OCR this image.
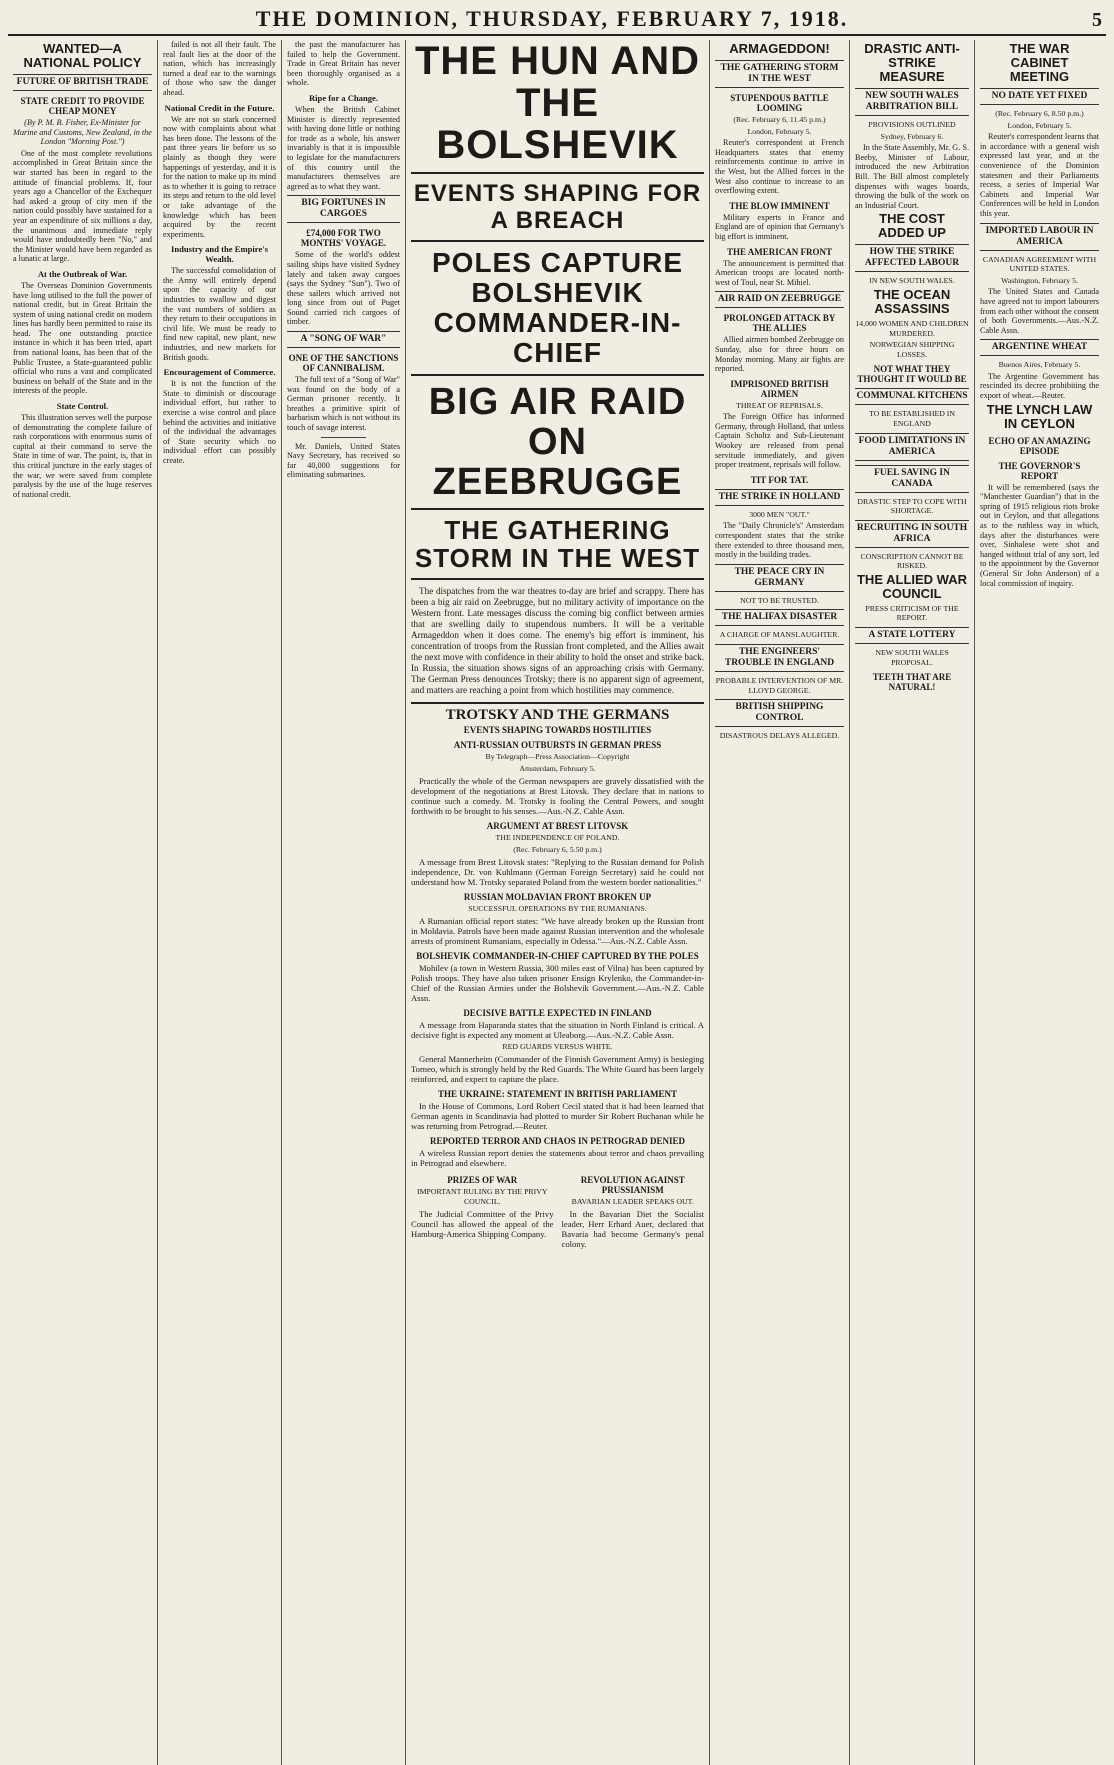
THE DOMINION, THURSDAY, FEBRUARY 7, 1918.	5
WANTED—A NATIONAL POLICY
FUTURE OF BRITISH TRADE
STATE CREDIT TO PROVIDE CHEAP MONEY

(By P. M. B. Fisher, Ex-Minister for Marine and Customs, New Zealand, in the London "Morning Post.")

One of the most complete revolutions accomplished in Great Britain since the war started has been in regard to the attitude of financial problems. If, four years ago a Chancellor of the Exchequer had asked a group of city men if the nation could possibly have sustained for a year an expenditure of six millions a day, the unanimous and immediate reply would have undoubtedly been "No," and the Minister would have been regarded as a lunatic at large.

At the Outbreak of War.

The Overseas Dominion Governments have long utilised to the full the power of national credit, but in Great Britain the system of using national credit on modern lines has hardly been permitted to raise its head. The one outstanding practice instance in which it has been tried, apart from national loans, has been that of the Public Trustee, a State-guaranteed public official who runs a vast and complicated business on behalf of the State and in the interests of the people.

State Control.

This illustration serves well the purpose of demonstrating the complete failure of rash corporations with enormous sums of capital at their command to serve the State in time of war. The point, is, that in this critical juncture in the early stages of the war, we were saved from complete paralysis by the use of the huge reserves of national credit.

failed is not all their fault. The real fault lies at the door of the nation, which has increasingly turned a deaf ear to the warnings of those who saw the danger ahead.

National Credit in the Future.

We are not so stark concerned now with complaints about what has been done. The lessons of the past three years lie before us so plainly as though they were happenings of yesterday, and it is for the nation to make up its mind as to whether it is going to retrace its steps and return to the old level or take advantage of the knowledge which has been acquired by the recent experiments.

Industry and the Empire's Wealth.

The successful consolidation of the Army will entirely depend upon the capacity of our industries to swallow and digest the vast numbers of soldiers as they return to their occupations in civil life. We must be ready to find new capital, new plant, new industries, and new markets for British goods.

Encouragement of Commerce.

It is not the function of the State to diminish or discourage individual effort, but rather to exercise a wise control and place behind the activities and initiative of the individual the advantages of State security which no individual effort can possibly create.

the past the manufacturer has failed to help the Government. Trade in Great Britain has never been thoroughly organised as a whole.

Ripe for a Change.

When the British Cabinet Minister is directly represented with having done little or nothing for trade as a whole, his answer invariably is that it is impossible to legislate for the manufacturers of this country until the manufacturers themselves are agreed as to what they want.

BIG FORTUNES IN CARGOES
£74,000 FOR TWO MONTHS' VOYAGE.

Some of the world's oddest sailing ships have visited Sydney lately and taken away cargoes (says the Sydney "Sun"). Two of these sailers which arrived not long since from out of Puget Sound carried rich cargoes of timber.

A "SONG OF WAR"
ONE OF THE SANCTIONS OF CANNIBALISM.

The full text of a "Song of War" was found on the body of a German prisoner recently. It breathes a primitive spirit of barbarism which is not without its touch of savage interest.

Mr. Daniels, United States Navy Secretary, has received so far 40,000 suggestions for eliminating submarines.

THE HUN AND THE BOLSHEVIK
EVENTS SHAPING FOR A BREACH
POLES CAPTURE BOLSHEVIK COMMANDER-IN-CHIEF
BIG AIR RAID ON ZEEBRUGGE
THE GATHERING STORM IN THE WEST

The dispatches from the war theatres to-day are brief and scrappy. There has been a big air raid on Zeebrugge, but no military activity of importance on the Western front. Late messages discuss the coming big conflict between armies that are swelling daily to stupendous numbers. It will be a veritable Armageddon when it does come. The enemy's big effort is imminent, his concentration of troops from the Russian front completed, and the Allies await the next move with confidence in their ability to hold the onset and strike back. In Russia, the situation shows signs of an approaching crisis with Germany. The German Press denounces Trotsky; there is no apparent sign of agreement, and matters are reaching a point from which hostilities may commence.

TROTSKY AND THE GERMANS
EVENTS SHAPING TOWARDS HOSTILITIES
ANTI-RUSSIAN OUTBURSTS IN GERMAN PRESS
By Telegraph—Press Association—Copyright
Amsterdam, February 5.

Practically the whole of the German newspapers are gravely dissatisfied with the development of the negotiations at Brest Litovsk. They declare that in nations to continue such a comedy. M. Trotsky is fooling the Central Powers, and sought forthwith to be brought to his senses.—Aus.-N.Z. Cable Assn.

ARGUMENT AT BREST LITOVSK
THE INDEPENDENCE OF POLAND.
(Rec. February 6, 5.50 p.m.)

A message from Brest Litovsk states: "Replying to the Russian demand for Polish independence, Dr. von Kuhlmann (German Foreign Secretary) said he could not understand how M. Trotsky separated Poland from the western border nationalities."

RUSSIAN MOLDAVIAN FRONT BROKEN UP
SUCCESSFUL OPERATIONS BY THE RUMANIANS.

A Rumanian official report states: "We have already broken up the Russian front in Moldavia. Patrols have been made against Russian intervention and the wholesale arrests of prominent Rumanians, especially in Odessa."—Aus.-N.Z. Cable Assn.

BOLSHEVIK COMMANDER-IN-CHIEF CAPTURED BY THE POLES

Mohilev (a town in Western Russia, 300 miles east of Vilna) has been captured by Polish troops. They have also taken prisoner Ensign Krylenko, the Commander-in-Chief of the Russian Armies under the Bolshevik Government.—Aus.-N.Z. Cable Assn.

DECISIVE BATTLE EXPECTED IN FINLAND

A message from Haparanda states that the situation in North Finland is critical. A decisive fight is expected any moment at Uleaborg.—Aus.-N.Z. Cable Assn.

RED GUARDS VERSUS WHITE.

General Mannerheim (Commander of the Finnish Government Army) is besieging Torneo, which is strongly held by the Red Guards. The White Guard has been largely reinforced, and expect to capture the place.

THE UKRAINE: STATEMENT IN BRITISH PARLIAMENT

In the House of Commons, Lord Robert Cecil stated that it had been learned that German agents in Scandinavia had plotted to murder Sir Robert Buchanan while he was returning from Petrograd.—Reuter.

REPORTED TERROR AND CHAOS IN PETROGRAD DENIED

A wireless Russian report denies the statements about terror and chaos prevailing in Petrograd and elsewhere.

PRIZES OF WAR
IMPORTANT RULING BY THE PRIVY COUNCIL.

The Judicial Committee of the Privy Council has allowed the appeal of the Hamburg-America Shipping Company.

REVOLUTION AGAINST PRUSSIANISM
BAVARIAN LEADER SPEAKS OUT.

In the Bavarian Diet the Socialist leader, Herr Erhard Auer, declared that Bavaria had become Germany's penal colony.

ARMAGEDDON!
THE GATHERING STORM IN THE WEST
STUPENDOUS BATTLE LOOMING
(Rec. February 6, 11.45 p.m.)
London, February 5.

Reuter's correspondent at French Headquarters states that enemy reinforcements continue to arrive in the West, but the Allied forces in the West also continue to increase to an overflowing extent.

THE BLOW IMMINENT

Military experts in France and England are of opinion that Germany's big effort is imminent.

THE AMERICAN FRONT

The announcement is permitted that American troops are located north-west of Toul, near St. Mihiel.

AIR RAID ON ZEEBRUGGE
PROLONGED ATTACK BY THE ALLIES

Allied airmen bombed Zeebrugge on Sunday, also for three hours on Monday morning. Many air fights are reported.

IMPRISONED BRITISH AIRMEN
THREAT OF REPRISALS.

The Foreign Office has informed Germany, through Holland, that unless Captain Scholtz and Sub-Lieutenant Wookey are released from penal servitude immediately, and given proper treatment, reprisals will follow.

TIT FOR TAT.
THE STRIKE IN HOLLAND
3000 MEN "OUT."

The "Daily Chronicle's" Amsterdam correspondent states that the strike there extended to three thousand men, mostly in the building trades.

THE PEACE CRY IN GERMANY
NOT TO BE TRUSTED.
THE HALIFAX DISASTER
A CHARGE OF MANSLAUGHTER.
THE ENGINEERS' TROUBLE IN ENGLAND
PROBABLE INTERVENTION OF MR. LLOYD GEORGE.
BRITISH SHIPPING CONTROL
DISASTROUS DELAYS ALLEGED.
DRASTIC ANTI-STRIKE MEASURE
NEW SOUTH WALES ARBITRATION BILL
PROVISIONS OUTLINED
Sydney, February 6.

In the State Assembly, Mr. G. S. Beeby, Minister of Labour, introduced the new Arbitration Bill. The Bill almost completely dispenses with wages boards, throwing the bulk of the work on an Industrial Court.

THE COST ADDED UP
HOW THE STRIKE AFFECTED LABOUR
IN NEW SOUTH WALES.
THE OCEAN ASSASSINS
14,000 WOMEN AND CHILDREN MURDERED.
NORWEGIAN SHIPPING LOSSES.
NOT WHAT THEY THOUGHT IT WOULD BE
COMMUNAL KITCHENS
TO BE ESTABLISHED IN ENGLAND
FOOD LIMITATIONS IN AMERICA
FUEL SAVING IN CANADA
DRASTIC STEP TO COPE WITH SHORTAGE.
RECRUITING IN SOUTH AFRICA
CONSCRIPTION CANNOT BE RISKED.
THE ALLIED WAR COUNCIL
PRESS CRITICISM OF THE REPORT.
A STATE LOTTERY
NEW SOUTH WALES PROPOSAL.
TEETH THAT ARE NATURAL!
THE WAR CABINET MEETING
NO DATE YET FIXED
(Rec. February 6, 8.50 p.m.)
London, February 5.

Reuter's correspondent learns that in accordance with a general wish expressed last year, and at the convenience of the Dominion statesmen and their Parliaments recess, a series of Imperial War Cabinets and Imperial War Conferences will be held in London this year.

IMPORTED LABOUR IN AMERICA
CANADIAN AGREEMENT WITH UNITED STATES.
Washington, February 5.

The United States and Canada have agreed not to import labourers from each other without the consent of both Governments.—Aus.-N.Z. Cable Assn.

ARGENTINE WHEAT
Buenos Aires, February 5.

The Argentine Government has rescinded its decree prohibiting the export of wheat.—Reuter.

THE LYNCH LAW IN CEYLON
ECHO OF AN AMAZING EPISODE
THE GOVERNOR'S REPORT

It will be remembered (says the "Manchester Guardian") that in the spring of 1915 religious riots broke out in Ceylon, and that allegations as to the ruthless way in which, days after the disturbances were over, Sinhalese were shot and hanged without trial of any sort, led to the appointment by the Governor (General Sir John Anderson) of a local commission of inquiry.
